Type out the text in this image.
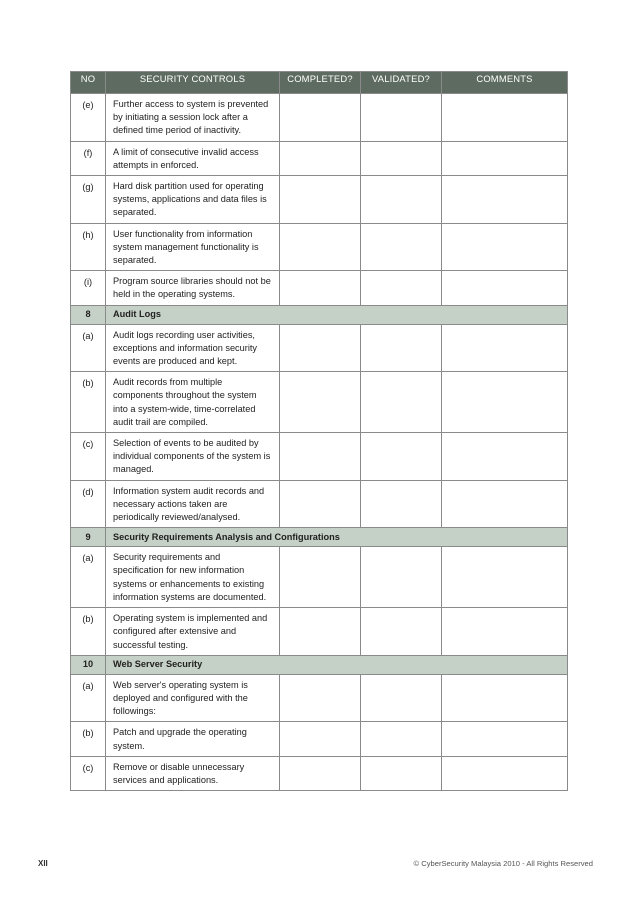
NO	SECURITY CONTROLS	COMPLETED?	VALIDATED?	COMMENTS
(e)	Further access to system is prevented by initiating a session lock after a defined time period of inactivity.			
(f)	A limit of consecutive invalid access attempts in enforced.			
(g)	Hard disk partition used for operating systems, applications and data files is separated.			
(h)	User functionality from information system management functionality is separated.			
(i)	Program source libraries should not be held in the operating systems.			
8	Audit Logs			
(a)	Audit logs recording user activities, exceptions and information security events are produced and kept.			
(b)	Audit records from multiple components throughout the system into a system-wide, time-correlated audit trail are compiled.			
(c)	Selection of events to be audited by individual components of the system is managed.			
(d)	Information system audit records and necessary actions taken are periodically reviewed/analysed.			
9	Security Requirements Analysis and Configurations			
(a)	Security requirements and specification for new information systems or enhancements to existing information systems are documented.			
(b)	Operating system is implemented and configured after extensive and successful testing.			
10	Web Server Security			
(a)	Web server's operating system is deployed and configured with the followings:			
(b)	Patch and upgrade the operating system.			
(c)	Remove or disable unnecessary services and applications.			
XII	© CyberSecurity Malaysia 2010 - All Rights Reserved
